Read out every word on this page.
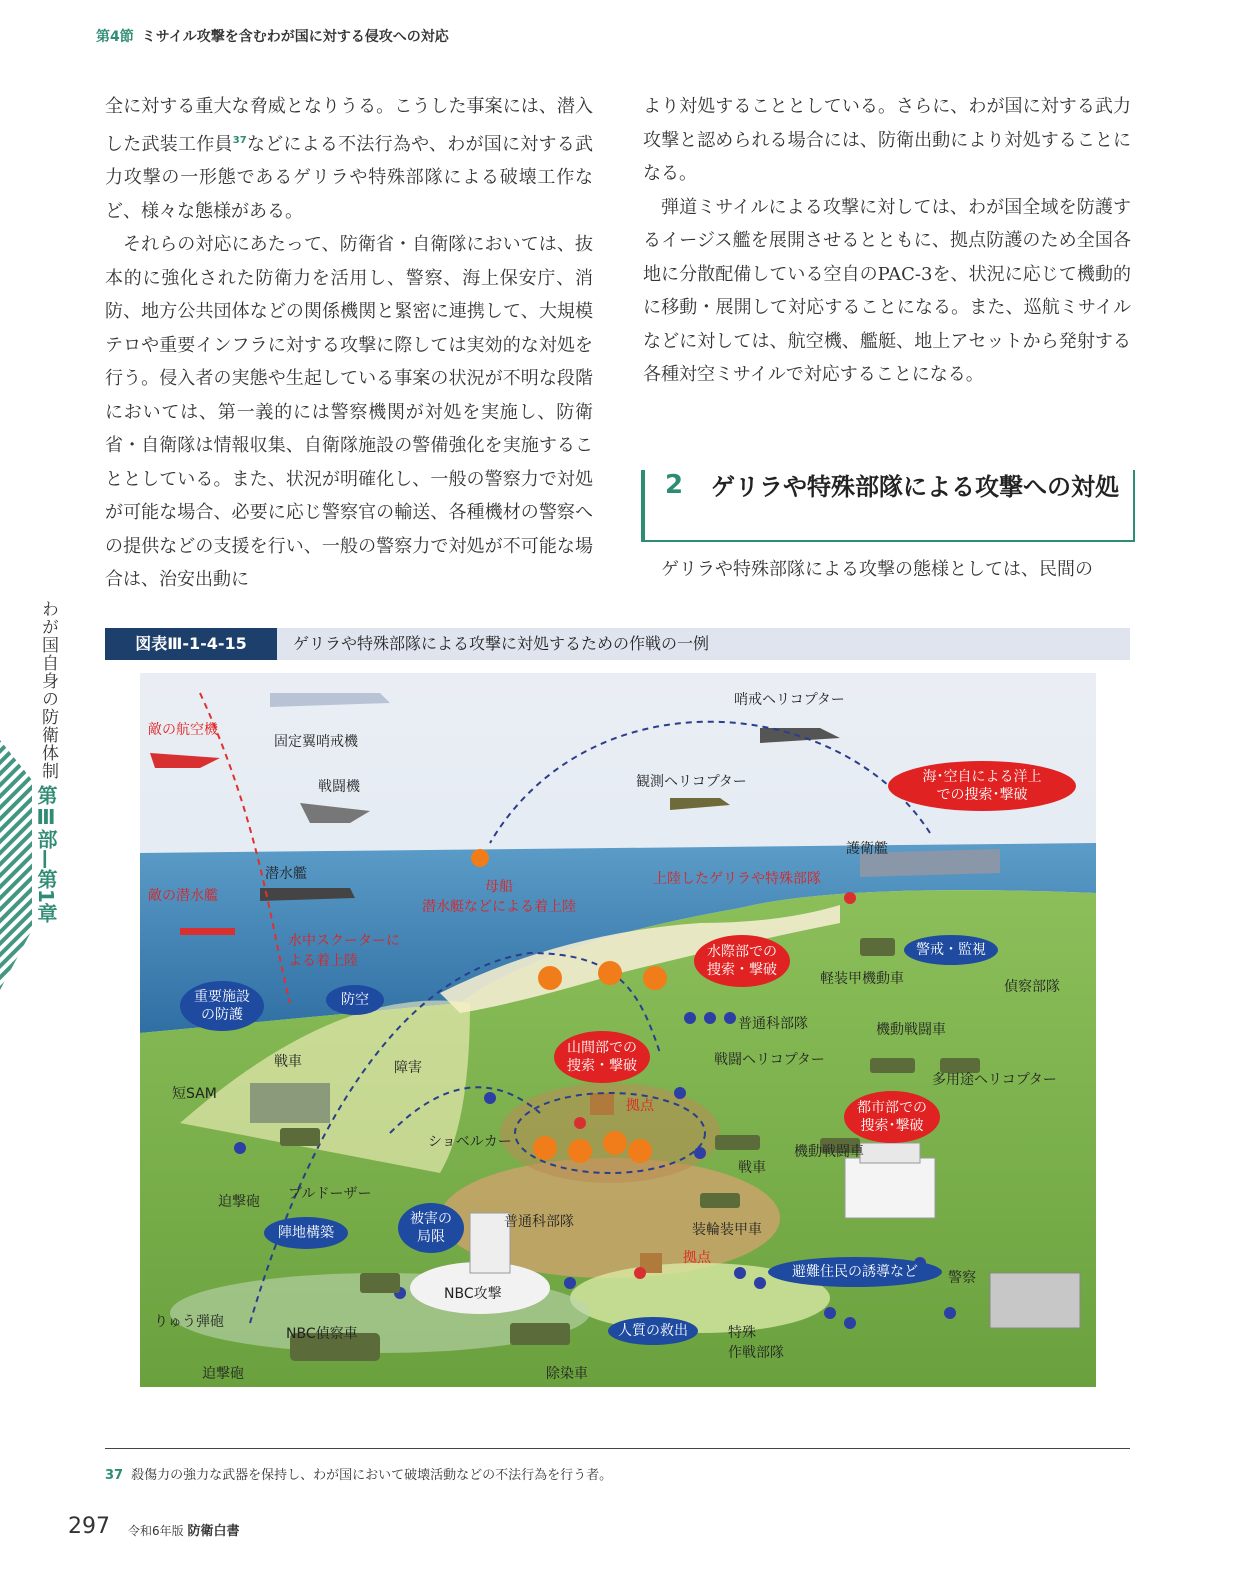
第4節 ミサイル攻撃を含むわが国に対する侵攻への対応

全に対する重大な脅威となりうる。こうした事案には、潜入した武装工作員$^{37}$などによる不法行為や、わが国に対する武力攻撃の一形態であるゲリラや特殊部隊による破壊工作など、様々な態様がある。

それらの対応にあたって、防衛省・自衛隊においては、抜本的に強化された防衛力を活用し、警察、海上保安庁、消防、地方公共団体などの関係機関と緊密に連携して、大規模テロや重要インフラに対する攻撃に際しては実効的な対処を行う。侵入者の実態や生起している事案の状況が不明な段階においては、第一義的には警察機関が対処を実施し、防衛省・自衛隊は情報収集、自衛隊施設の警備強化を実施することとしている。また、状況が明確化し、一般の警察力で対処が可能な場合、必要に応じ警察官の輸送、各種機材の警察への提供などの支援を行い、一般の警察力で対処が不可能な場合は、治安出動に

より対処することとしている。さらに、わが国に対する武力攻撃と認められる場合には、防衛出動により対処することになる。

弾道ミサイルによる攻撃に対しては、わが国全域を防護するイージス艦を展開させるとともに、拠点防護のため全国各地に分散配備している空自のPAC-3を、状況に応じて機動的に移動・展開して対応することになる。また、巡航ミサイルなどに対しては、航空機、艦艇、地上アセットから発射する各種対空ミサイルで対応することになる。

2 ゲリラや特殊部隊による攻撃への対処
ゲリラや特殊部隊による攻撃の態様としては、民間の
わが国自身の防衛体制
第Ⅲ部—第1章
図表Ⅲ-1-4-15	ゲリラや特殊部隊による攻撃に対処するための作戦の一例
敵の航空機
固定翼哨戒機
戦闘機
哨戒ヘリコプター
観測ヘリコプター
護衛艦
潜水艦
敵の潜水艦
母船
潜水艇などによる着上陸
水中スクーターに
よる着上陸
上陸したゲリラや特殊部隊
軽装甲機動車	偵察部隊
普通科部隊	機動戦闘車
戦闘ヘリコプター
多用途ヘリコプター
戦車
短SAM
障害
拠点
ショベルカー
迫撃砲 ブルドーザー
戦車
機動戦闘車
普通科部隊	装輪装甲車
りゅう弾砲
拠点
警察
NBC攻撃
NBC偵察車
迫撃砲	除染車
特殊
作戦部隊
海･空自による洋上
での搜索･撃破
水際部での
捜索・撃破
警戒・監視
重要施設
の防護
防空
山間部での
捜索・撃破
都市部での
搜索･撃破
陣地構築
被害の
局限
避難住民の誘導など
人質の救出
37 殺傷力の強力な武器を保持し、わが国において破壊活動などの不法行為を行う者。
297 令和6年版 防衛白書
